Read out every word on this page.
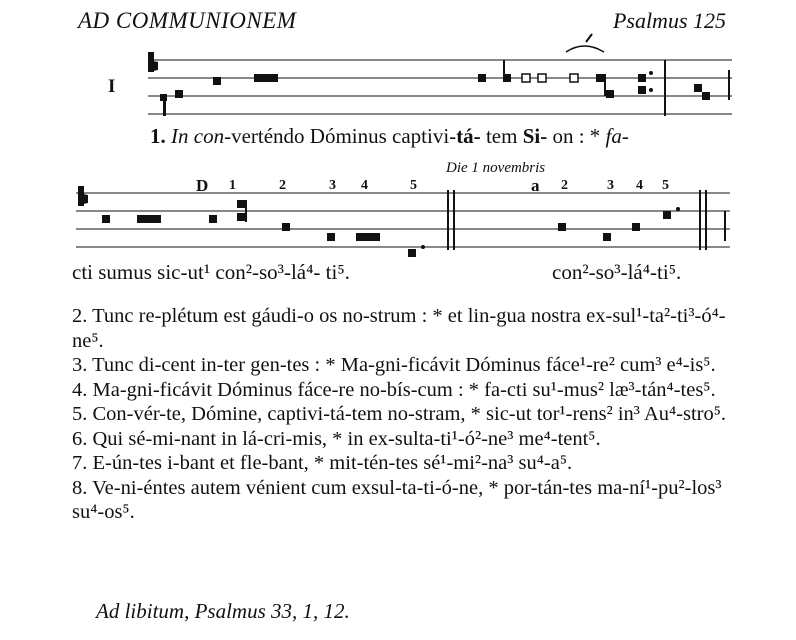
AD COMMUNIONEM	Psalmus 125
I
1. In con-verténdo Dóminus captivi-tá- tem Si- on : * fa-
Die 1 novembris
D 1	2	3 4	5	a 2	3 4 5
cti sumus sic-ut¹ con²-so³-lá⁴- ti⁵.	con²-so³-lá⁴-ti⁵.
2. Tunc re-plétum est gáudi-o os no-strum : * et lin-gua nostra ex-sul¹-ta²-ti³-ó⁴-ne⁵.
3. Tunc di-cent in-ter gen-tes : * Ma-gni-ficávit Dóminus fáce¹-re² cum³ e⁴-is⁵.
4. Ma-gni-ficávit Dóminus fáce-re no-bís-cum : * fa-cti su¹-mus² læ³-tán⁴-tes⁵.
5. Con-vér-te, Dómine, captivi-tá-tem no-stram, * sic-ut tor¹-rens² in³ Au⁴-stro⁵.
6. Qui sé-mi-nant in lá-cri-mis, * in ex-sulta-ti¹-ó²-ne³ me⁴-tent⁵.
7. E-ún-tes i-bant et fle-bant, * mit-tén-tes sé¹-mi²-na³ su⁴-a⁵.
8. Ve-ni-éntes autem vénient cum exsul-ta-ti-ó-ne, * por-tán-tes ma-ní¹-pu²-los³ su⁴-os⁵.
Ad libitum, Psalmus 33, 1, 12.
